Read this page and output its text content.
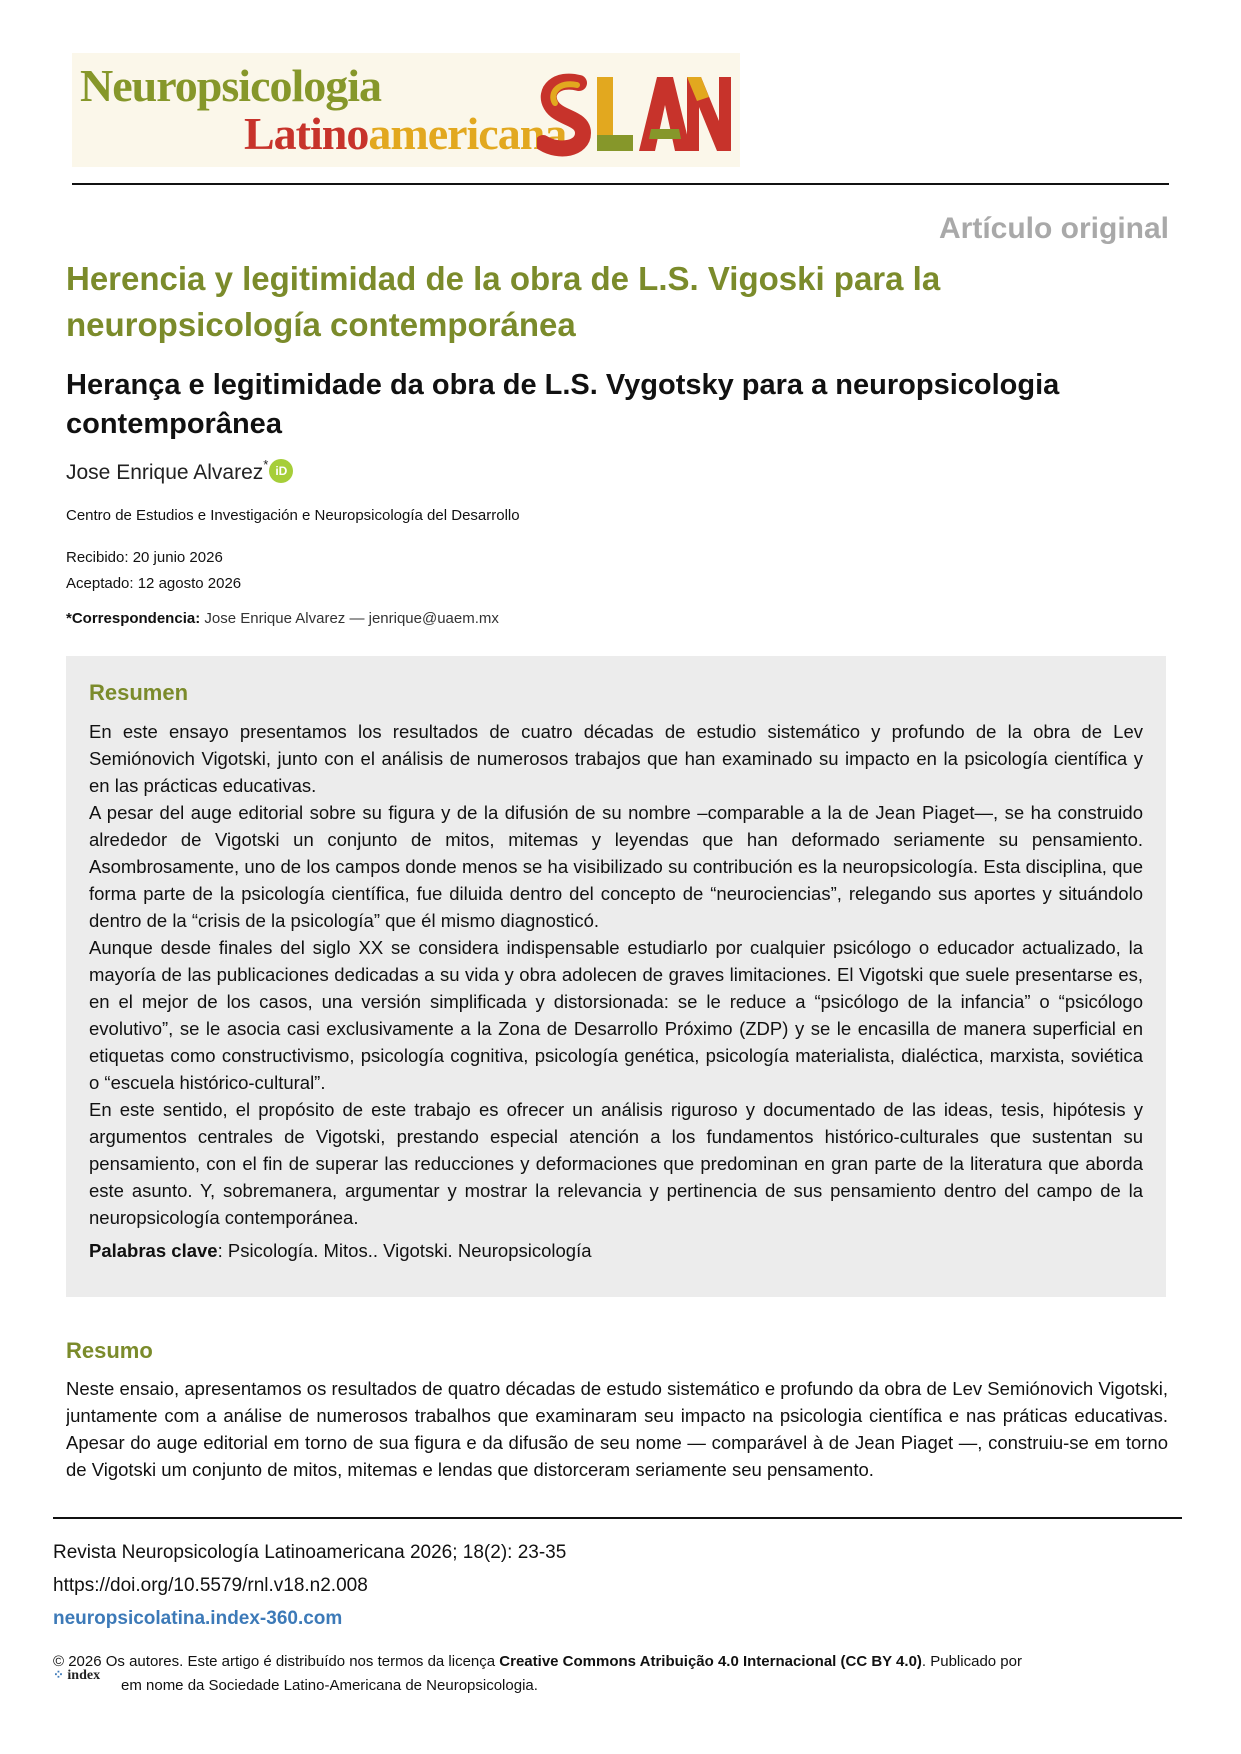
Neuropsicologia
Latinoamericana
Artículo original
Herencia y legitimidad de la obra de L.S. Vigoski para la neuropsicología contemporánea
Herança e legitimidade da obra de L.S. Vygotsky para a neuropsicologia contemporânea
Jose Enrique Alvarez* iD
Centro de Estudios e Investigación e Neuropsicología del Desarrollo
Recibido: 20 junio 2026
Aceptado: 12 agosto 2026
*Correspondencia: Jose Enrique Alvarez — jenrique@uaem.mx
Resumen

En este ensayo presentamos los resultados de cuatro décadas de estudio sistemático y profundo de la obra de Lev Semiónovich Vigotski, junto con el análisis de numerosos trabajos que han examinado su impacto en la psicología científica y en las prácticas educativas.

A pesar del auge editorial sobre su figura y de la difusión de su nombre –comparable a la de Jean Piaget—, se ha construido alrededor de Vigotski un conjunto de mitos, mitemas y leyendas que han deformado seriamente su pensamiento. Asombrosamente, uno de los campos donde menos se ha visibilizado su contribución es la neuropsicología. Esta disciplina, que forma parte de la psicología científica, fue diluida dentro del concepto de “neurociencias”, relegando sus aportes y situándolo dentro de la “crisis de la psicología” que él mismo diagnosticó.

Aunque desde finales del siglo XX se considera indispensable estudiarlo por cualquier psicólogo o educador actualizado, la mayoría de las publicaciones dedicadas a su vida y obra adolecen de graves limitaciones. El Vigotski que suele presentarse es, en el mejor de los casos, una versión simplificada y distorsionada: se le reduce a “psicólogo de la infancia” o “psicólogo evolutivo”, se le asocia casi exclusivamente a la Zona de Desarrollo Próximo (ZDP) y se le encasilla de manera superficial en etiquetas como constructivismo, psicología cognitiva, psicología genética, psicología materialista, dialéctica, marxista, soviética o “escuela histórico-cultural”.

En este sentido, el propósito de este trabajo es ofrecer un análisis riguroso y documentado de las ideas, tesis, hipótesis y argumentos centrales de Vigotski, prestando especial atención a los fundamentos histórico-culturales que sustentan su pensamiento, con el fin de superar las reducciones y deformaciones que predominan en gran parte de la literatura que aborda este asunto. Y, sobremanera, argumentar y mostrar la relevancia y pertinencia de sus pensamiento dentro del campo de la neuropsicología contemporánea.

Palabras clave: Psicología. Mitos.. Vigotski. Neuropsicología
Resumo

Neste ensaio, apresentamos os resultados de quatro décadas de estudo sistemático e profundo da obra de Lev Semiónovich Vigotski, juntamente com a análise de numerosos trabalhos que examinaram seu impacto na psicologia científica e nas práticas educativas. Apesar do auge editorial em torno de sua figura e da difusão de seu nome — comparável à de Jean Piaget —, construiu-se em torno de Vigotski um conjunto de mitos, mitemas e lendas que distorceram seriamente seu pensamento.

Revista Neuropsicología Latinoamericana 2026; 18(2): 23-35
https://doi.org/10.5579/rnl.v18.n2.008
neuropsicolatina.index-360.com
© 2026 Os autores. Este artigo é distribuído nos termos da licença Creative Commons Atribuição 4.0 Internacional (CC BY 4.0). Publicado por
em nome da Sociedade Latino-Americana de Neuropsicologia.
⁘ index
